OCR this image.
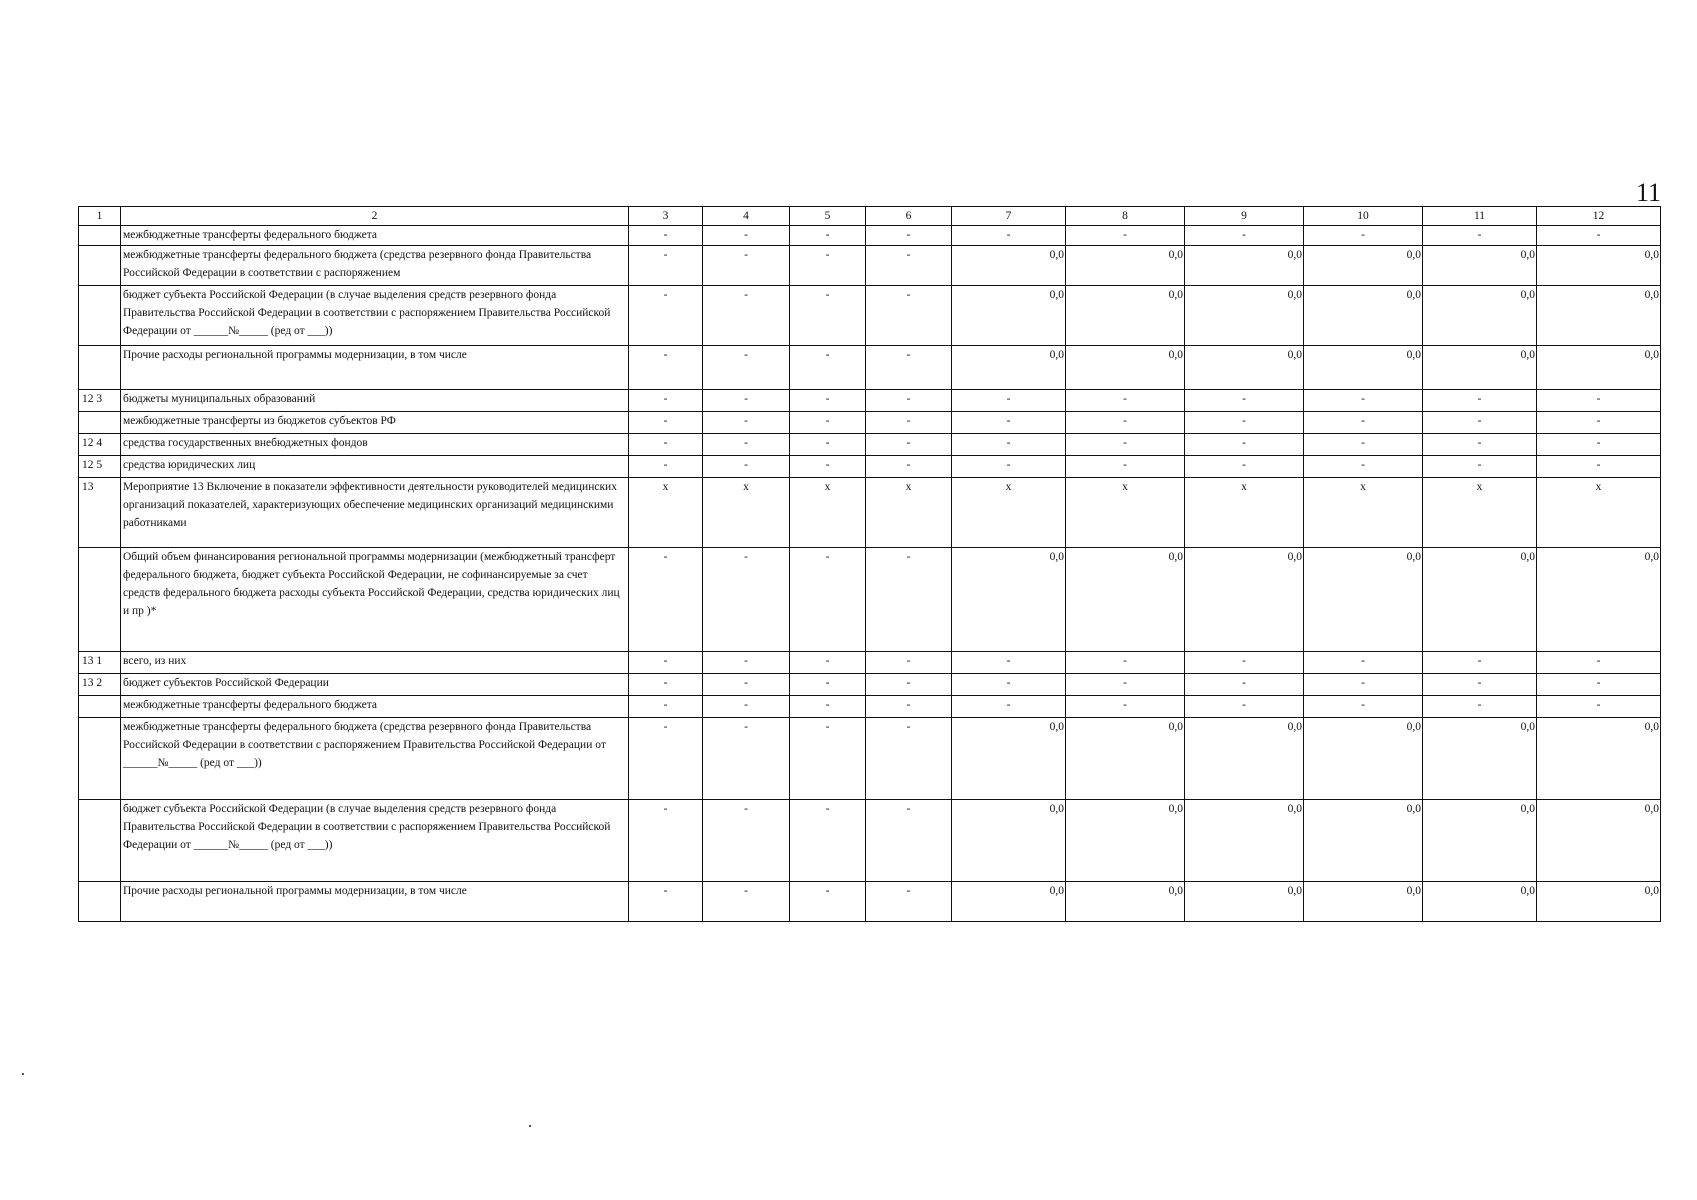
11
1	2	3	4	5	6	7	8	9	10	11	12
	межбюджетные трансферты федерального бюджета	-	-	-	-	-	-	-	-	-	-
	межбюджетные трансферты федерального бюджета (средства резервного фонда Правительства Российской Федерации в соответствии с распоряжением	-	-	-	-	0,0	0,0	0,0	0,0	0,0	0,0
	бюджет субъекта Российской Федерации (в случае выделения средств резервного фонда Правительства Российской Федерации в соответствии с распоряжением Правительства Российской Федерации от ______№_____ (ред от ___))	-	-	-	-	0,0	0,0	0,0	0,0	0,0	0,0
	Прочие расходы региональной программы модернизации, в том числе	-	-	-	-	0,0	0,0	0,0	0,0	0,0	0,0
12 3	бюджеты муниципальных образований	-	-	-	-	-	-	-	-	-	-
	межбюджетные трансферты из бюджетов субъектов РФ	-	-	-	-	-	-	-	-	-	-
12 4	средства государственных внебюджетных фондов	-	-	-	-	-	-	-	-	-	-
12 5	средства юридических лиц	-	-	-	-	-	-	-	-	-	-
13	Мероприятие 13 Включение в показатели эффективности деятельности руководителей медицинских организаций показателей, характеризующих обеспечение медицинских организаций медицинскими работниками	x	x	x	x	x	x	x	x	x	x
	Общий объем финансирования региональной программы модернизации (межбюджетный трансферт федерального бюджета, бюджет субъекта Российской Федерации, не софинансируемые за счет средств федерального бюджета расходы субъекта Российской Федерации, средства юридических лиц и пр )*	-	-	-	-	0,0	0,0	0,0	0,0	0,0	0,0
13 1	всего, из них	-	-	-	-	-	-	-	-	-	-
13 2	бюджет субъектов Российской Федерации	-	-	-	-	-	-	-	-	-	-
	межбюджетные трансферты федерального бюджета	-	-	-	-	-	-	-	-	-	-
	межбюджетные трансферты федерального бюджета (средства резервного фонда Правительства Российской Федерации в соответствии с распоряжением Правительства Российской Федерации от ______№_____ (ред от ___))	-	-	-	-	0,0	0,0	0,0	0,0	0,0	0,0
	бюджет субъекта Российской Федерации (в случае выделения средств резервного фонда Правительства Российской Федерации в соответствии с распоряжением Правительства Российской Федерации от ______№_____ (ред от ___))	-	-	-	-	0,0	0,0	0,0	0,0	0,0	0,0
	Прочие расходы региональной программы модернизации, в том числе	-	-	-	-	0,0	0,0	0,0	0,0	0,0	0,0
